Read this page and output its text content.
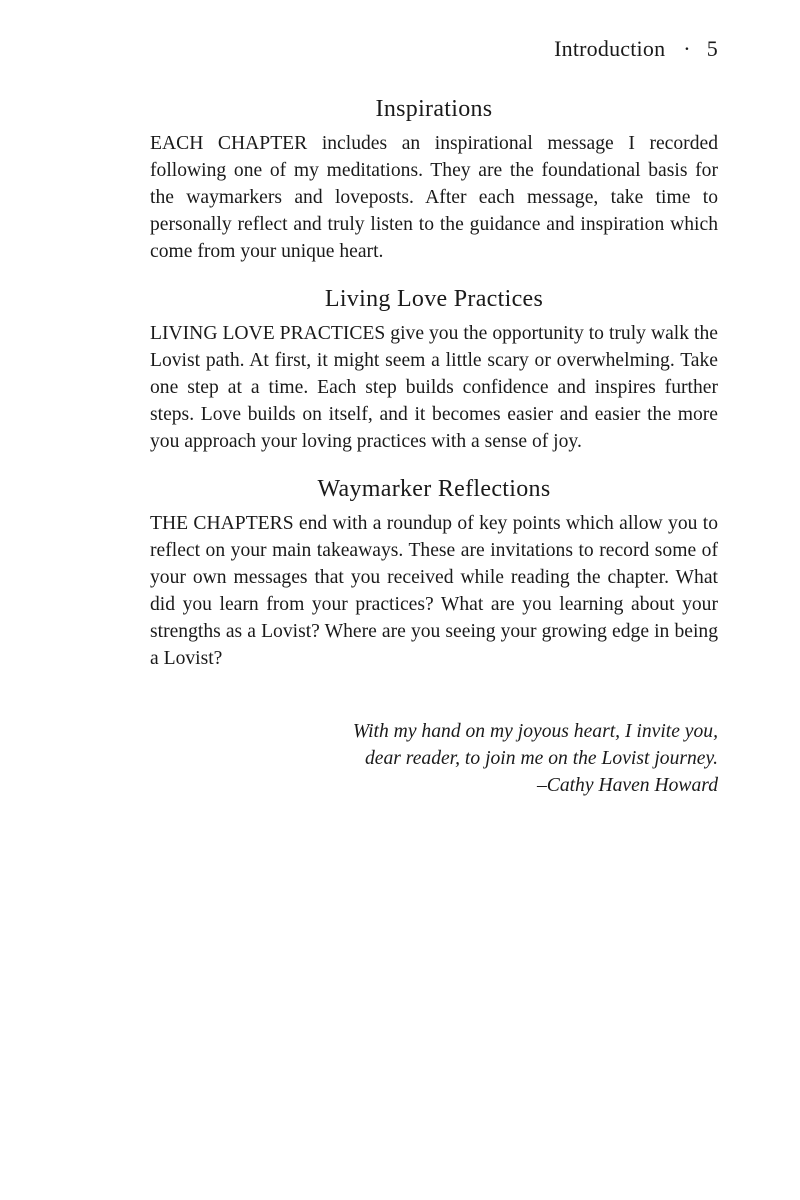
Introduction · 5
Inspirations

EACH CHAPTER includes an inspirational message I recorded following one of my meditations. They are the foundational basis for the waymarkers and loveposts. After each message, take time to personally reflect and truly listen to the guidance and inspiration which come from your unique heart.

Living Love Practices

LIVING LOVE PRACTICES give you the opportunity to truly walk the Lovist path. At first, it might seem a little scary or overwhelming. Take one step at a time. Each step builds confidence and inspires further steps. Love builds on itself, and it becomes easier and easier the more you approach your loving practices with a sense of joy.

Waymarker Reflections

THE CHAPTERS end with a roundup of key points which allow you to reflect on your main takeaways. These are invitations to record some of your own messages that you received while reading the chapter. What did you learn from your practices? What are you learning about your strengths as a Lovist? Where are you seeing your growing edge in being a Lovist?

With my hand on my joyous heart, I invite you,
dear reader, to join me on the Lovist journey.
–Cathy Haven Howard
